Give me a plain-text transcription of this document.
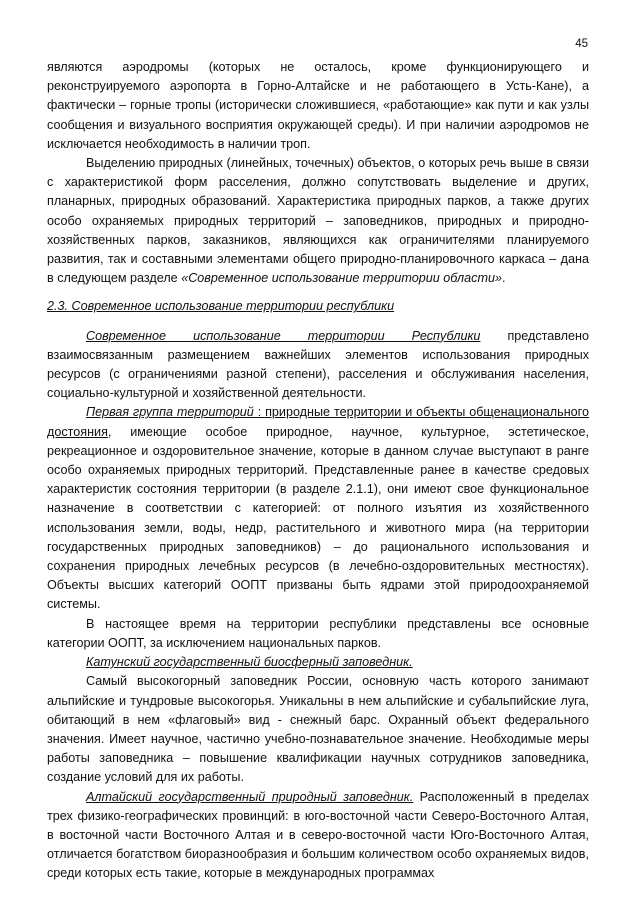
45

являются аэродромы (которых не осталось, кроме функционирующего и реконструируемого аэропорта в Горно-Алтайске и не работающего в Усть-Кане), а фактически – горные тропы (исторически сложившиеся, «работающие» как пути и как узлы сообщения и визуального восприятия окружающей среды). И при наличии аэродромов не исключается необходимость в наличии троп.

Выделению природных (линейных, точечных) объектов, о которых речь выше в связи с характеристикой форм расселения, должно сопутствовать выделение и других, планарных, природных образований. Характеристика природных парков, а также других особо охраняемых природных территорий – заповедников, природных и природно-хозяйственных парков, заказников, являющихся как ограничителями планируемого развития, так и составными элементами общего природно-планировочного каркаса – дана в следующем разделе «Современное использование территории области».

2.3. Современное использование территории республики

Современное использование территории Республики представлено взаимосвязанным размещением важнейших элементов использования природных ресурсов (с ограничениями разной степени), расселения и обслуживания населения, социально-культурной и хозяйственной деятельности.

Первая группа территорий : природные территории и объекты общенационального достояния, имеющие особое природное, научное, культурное, эстетическое, рекреационное и оздоровительное значение, которые в данном случае выступают в ранге особо охраняемых природных территорий. Представленные ранее в качестве средовых характеристик состояния территории (в разделе 2.1.1), они имеют свое функциональное назначение в соответствии с категорией: от полного изъятия из хозяйственного использования земли, воды, недр, растительного и животного мира (на территории государственных природных заповедников) – до рационального использования и сохранения природных лечебных ресурсов (в лечебно-оздоровительных местностях). Объекты высших категорий ООПТ призваны быть ядрами этой природоохраняемой системы.

В настоящее время на территории республики представлены все основные категории ООПТ, за исключением национальных парков.

Катунский государственный биосферный заповедник.

Самый высокогорный заповедник России, основную часть которого занимают альпийские и тундровые высокогорья. Уникальны в нем альпийские и субальпийские луга, обитающий в нем «флаговый» вид - снежный барс. Охранный объект федерального значения. Имеет научное, частично учебно-познавательное значение. Необходимые меры работы заповедника – повышение квалификации научных сотрудников заповедника, создание условий для их работы.

Алтайский государственный природный заповедник. Расположенный в пределах трех физико-географических провинций: в юго-восточной части Северо-Восточного Алтая, в восточной части Восточного Алтая и в северо-восточной части Юго-Восточного Алтая, отличается богатством биоразнообразия и большим количеством особо охраняемых видов, среди которых есть такие, которые в международных программах
